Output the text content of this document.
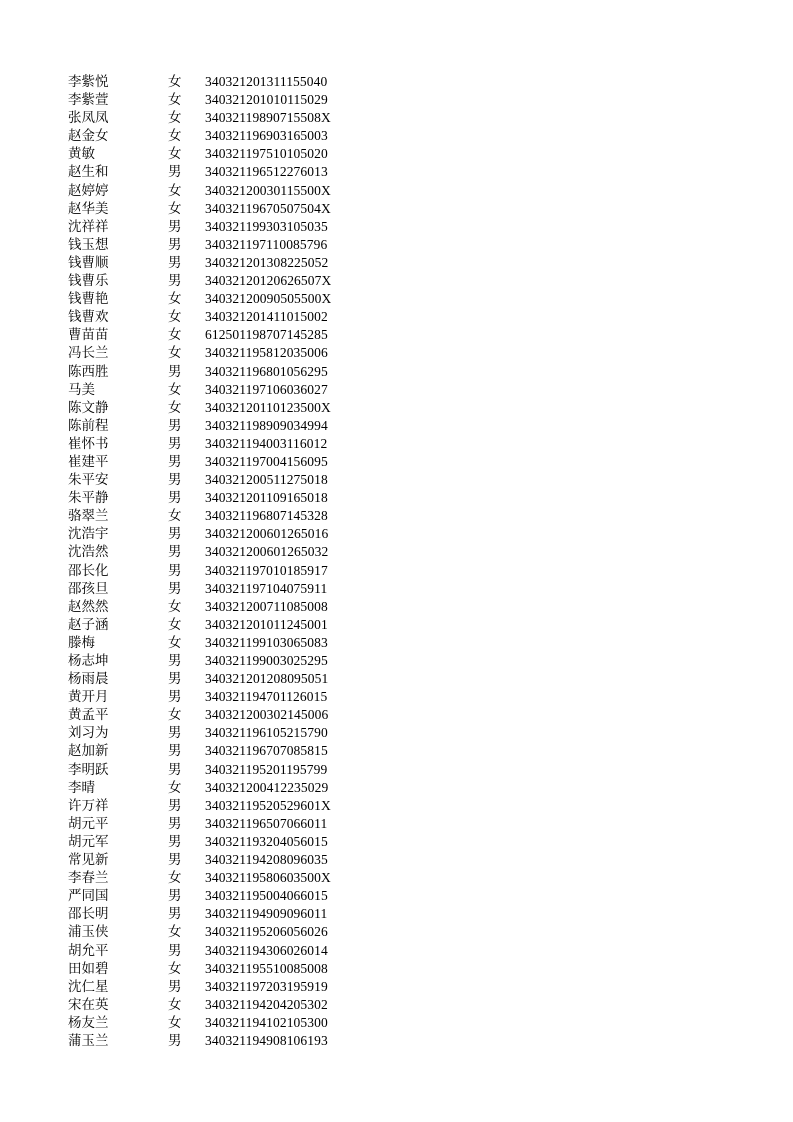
李紫悦	女 340321201311155040
李紫萱	女 340321201010115029
张凤凤	女 34032119890715508X
赵金女	女 340321196903165003
黄敏	女 340321197510105020
赵生和	男 340321196512276013
赵婷婷	女 34032120030115500X
赵华美	女 34032119670507504X
沈祥祥	男 340321199303105035
钱玉想	男 340321197110085796
钱曹顺	男 340321201308225052
钱曹乐	男 34032120120626507X
钱曹艳	女 34032120090505500X
钱曹欢	女 340321201411015002
曹苗苗	女 612501198707145285
冯长兰	女 340321195812035006
陈西胜	男 340321196801056295
马美	女 340321197106036027
陈文静	女 34032120110123500X
陈前程	男 340321198909034994
崔怀书	男 340321194003116012
崔建平	男 340321197004156095
朱平安	男 340321200511275018
朱平静	男 340321201109165018
骆翠兰	女 340321196807145328
沈浩宇	男 340321200601265016
沈浩然	男 340321200601265032
邵长化	男 340321197010185917
邵孩旦	男 340321197104075911
赵然然	女 340321200711085008
赵子涵	女 340321201011245001
滕梅	女 340321199103065083
杨志坤	男 340321199003025295
杨雨晨	男 340321201208095051
黄开月	男 340321194701126015
黄孟平	女 340321200302145006
刘习为	男 340321196105215790
赵加新	男 340321196707085815
李明跃	男 340321195201195799
李晴	女 340321200412235029
许万祥	男 34032119520529601X
胡元平	男 340321196507066011
胡元军	男 340321193204056015
常见新	男 340321194208096035
李春兰	女 34032119580603500X
严同国	男 340321195004066015
邵长明	男 340321194909096011
浦玉侠	女 340321195206056026
胡允平	男 340321194306026014
田如碧	女 340321195510085008
沈仁星	男 340321197203195919
宋在英	女 340321194204205302
杨友兰	女 340321194102105300
蒲玉兰	男 340321194908106193
